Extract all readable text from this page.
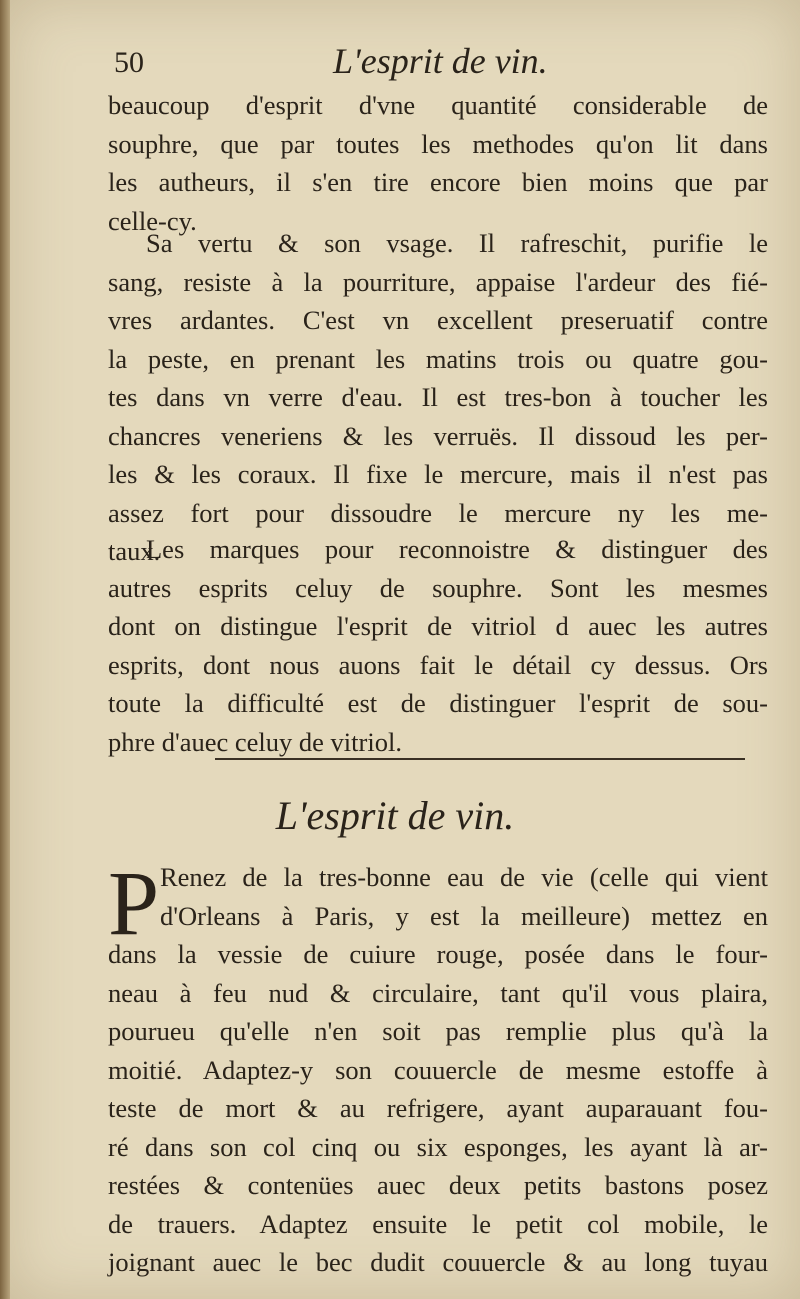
50	L'esprit de vin.
beaucoup d'esprit d'vne quantité considerable de
souphre, que par toutes les methodes qu'on lit dans
les autheurs, il s'en tire encore bien moins que par
celle-cy.
Sa vertu & son vsage. Il rafreschit, purifie le
sang, resiste à la pourriture, appaise l'ardeur des fié-
vres ardantes. C'est vn excellent preseruatif contre
la peste, en prenant les matins trois ou quatre gou-
tes dans vn verre d'eau. Il est tres-bon à toucher les
chancres veneriens & les verruës. Il dissoud les per-
les & les coraux. Il fixe le mercure, mais il n'est pas
assez fort pour dissoudre le mercure ny les me-
taux.
Les marques pour reconnoistre & distinguer des
autres esprits celuy de souphre. Sont les mesmes
dont on distingue l'esprit de vitriol d auec les autres
esprits, dont nous auons fait le détail cy dessus. Ors
toute la difficulté est de distinguer l'esprit de sou-
phre d'auec celuy de vitriol.
L'esprit de vin.
P Renez de la tres-bonne eau de vie (celle qui vient
d'Orleans à Paris, y est la meilleure) mettez en
dans la vessie de cuiure rouge, posée dans le four-
neau à feu nud & circulaire, tant qu'il vous plaira,
pourueu qu'elle n'en soit pas remplie plus qu'à la
moitié. Adaptez-y son couuercle de mesme estoffe à
teste de mort & au refrigere, ayant auparauant fou-
ré dans son col cinq ou six esponges, les ayant là ar-
restées & contenües auec deux petits bastons posez
de trauers. Adaptez ensuite le petit col mobile, le
joignant auec le bec dudit couuercle & au long tuyau
